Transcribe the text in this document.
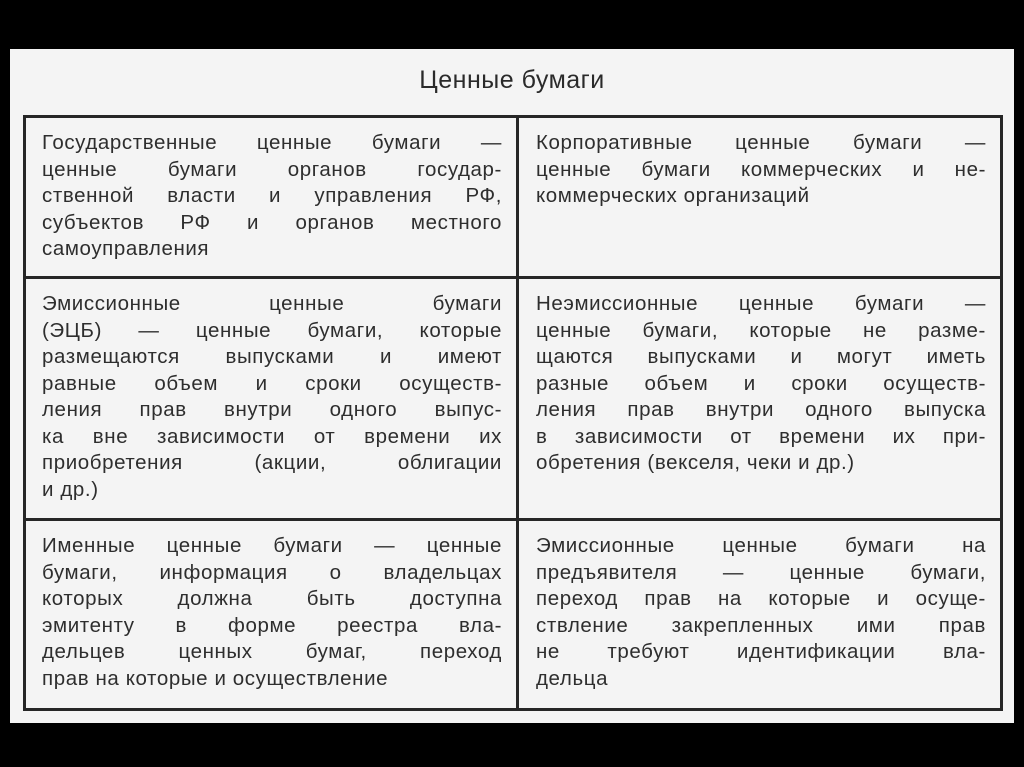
Ценные бумаги
Государственные ценные бумаги —
ценные бумаги органов государ-
ственной власти и управления РФ,
субъектов РФ и органов местного
самоуправления
Корпоративные ценные бумаги —
ценные бумаги коммерческих и не-
коммерческих организаций
Эмиссионные ценные бумаги
(ЭЦБ) — ценные бумаги, которые
размещаются выпусками и имеют
равные объем и сроки осуществ-
ления прав внутри одного выпус-
ка вне зависимости от времени их
приобретения (акции, облигации
и др.)
Неэмиссионные ценные бумаги —
ценные бумаги, которые не разме-
щаются выпусками и могут иметь
разные объем и сроки осуществ-
ления прав внутри одного выпуска
в зависимости от времени их при-
обретения (векселя, чеки и др.)
Именные ценные бумаги — ценные
бумаги, информация о владельцах
которых должна быть доступна
эмитенту в форме реестра вла-
дельцев ценных бумаг, переход
прав на которые и осуществление
Эмиссионные ценные бумаги на
предъявителя — ценные бумаги,
переход прав на которые и осуще-
ствление закрепленных ими прав
не требуют идентификации вла-
дельца
